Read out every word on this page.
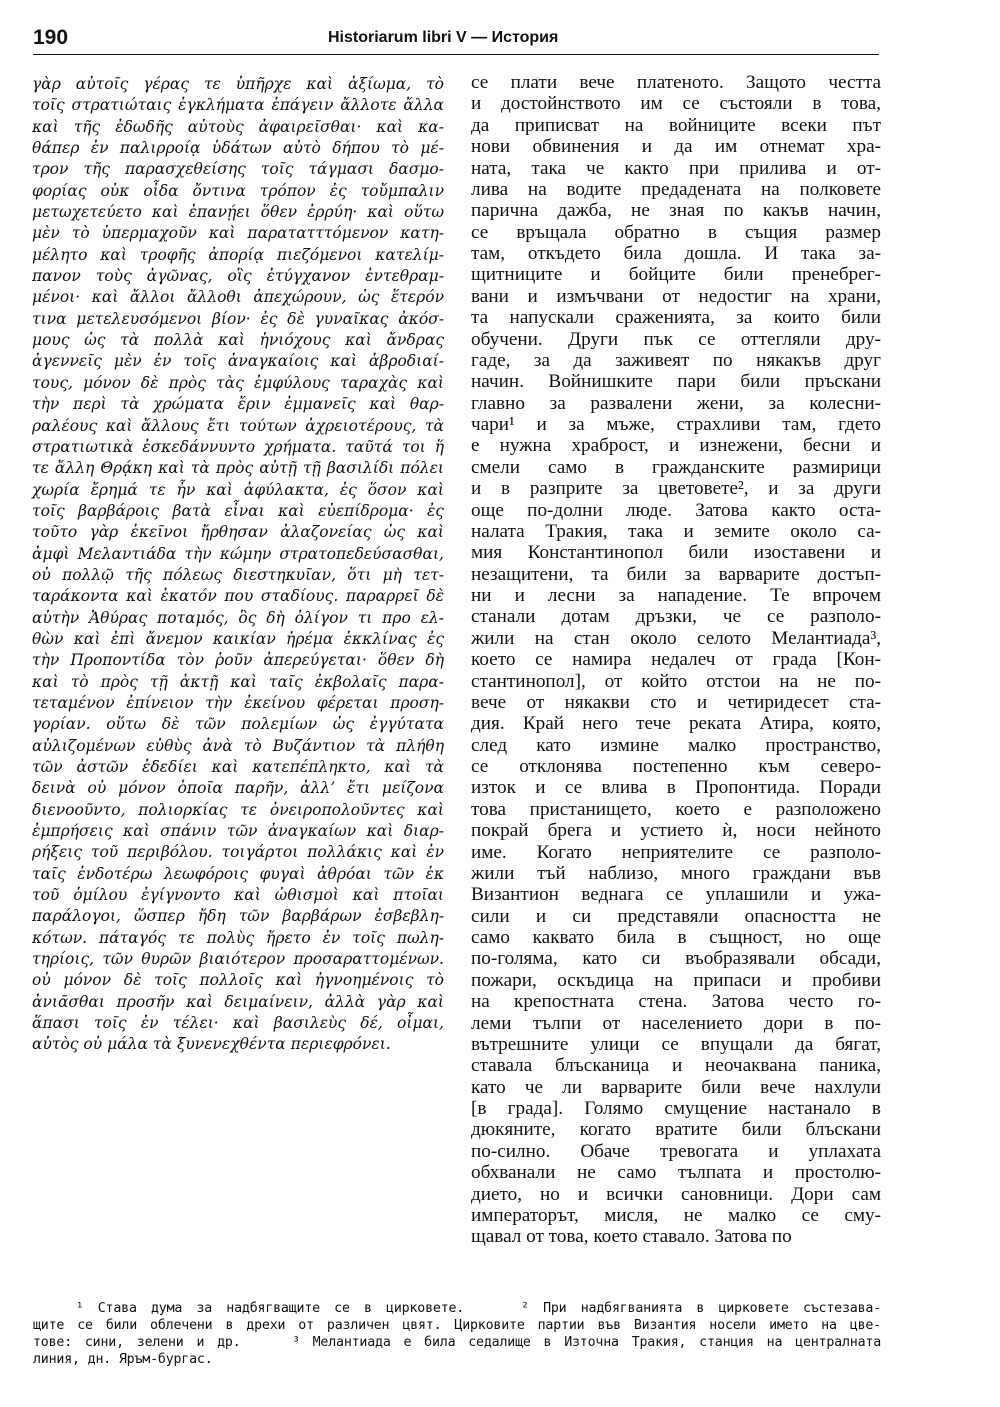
190	Historiarum libri V — История
γὰρ αὐτοῖς γέρας τε ὑπῆρχε καὶ ἀξίωμα, τὸ
τοῖς στρατιώταις ἐγκλήματα ἐπάγειν ἄλλοτε ἄλλα
καὶ τῆς ἐδωδῆς αὐτοὺς ἀφαιρεῖσθαι· καὶ κα-
θάπερ ἐν παλιρροίᾳ ὑδάτων αὐτὸ δήπου τὸ μέ-
τρον τῆς παρασχεθείσης τοῖς τάγμασι δασμο-
φορίας οὐκ οἶδα ὄντινα τρόπον ἐς τοὔμπαλιν
μετωχετεύετο καὶ ἐπανῄει ὅθεν ἐρρύη· καὶ οὕτω
μὲν τὸ ὑπερμαχοῦν καὶ παρατατττόμενον κατη-
μέλητο καὶ τροφῆς ἀπορίᾳ πιεζόμενοι κατελίμ-
πανον τοὺς ἀγῶνας, οἳς ἐτύγχανον ἐντεθραμ-
μένοι· καὶ ἄλλοι ἄλλοθι ἀπεχώρουν, ὡς ἕτερόν
τινα μετελευσόμενοι βίον· ἐς δὲ γυναῖκας ἀκόσ-
μους ὡς τὰ πολλὰ καὶ ἡνιόχους καὶ ἄνδρας
ἀγεννεῖς μὲν ἐν τοῖς ἀναγκαίοις καὶ ἁβροδιαί-
τους, μόνον δὲ πρὸς τὰς ἐμφύλους ταραχὰς καὶ
τὴν περὶ τὰ χρώματα ἔριν ἐμμανεῖς καὶ θαρ-
ραλέους καὶ ἄλλους ἔτι τούτων ἀχρειοτέρους, τὰ
στρατιωτικὰ ἐσκεδάννυντο χρήματα. ταῦτά τοι ἥ
τε ἄλλη Θρᾴκη καὶ τὰ πρὸς αὐτῇ τῇ βασιλίδι πόλει
χωρία ἔρημά τε ἦν καὶ ἀφύλακτα, ἐς ὅσον καὶ
τοῖς βαρβάροις βατὰ εἶναι καὶ εὐεπίδρομα· ἐς
τοῦτο γὰρ ἐκεῖνοι ἤρθησαν ἀλαζονείας ὡς καὶ
ἀμφὶ Μελαντιάδα τὴν κώμην στρατοπεδεύσασθαι,
οὐ πολλῷ τῆς πόλεως διεστηκυῖαν, ὅτι μὴ τετ-
ταράκοντα καὶ ἑκατόν που σταδίους. παραρρεῖ δὲ
αὐτὴν Ἀθύρας ποταμός, ὃς δὴ ὀλίγον τι προ ελ-
θὼν καὶ ἐπὶ ἄνεμον καικίαν ἠρέμα ἐκκλίνας ἐς
τὴν Προποντίδα τὸν ῥοῦν ἀπερεύγεται· ὅθεν δὴ
καὶ τὸ πρὸς τῇ ἀκτῇ καὶ ταῖς ἐκβολαῖς παρα-
τεταμένον ἐπίνειον τὴν ἐκείνου φέρεται προση-
γορίαν. οὕτω δὲ τῶν πολεμίων ὡς ἐγγύτατα
αὐλιζομένων εὐθὺς ἀνὰ τὸ Βυζάντιον τὰ πλήθη
τῶν ἀστῶν ἐδεδίει καὶ κατεπέπληκτο, καὶ τὰ
δεινὰ οὐ μόνον ὁποῖα παρῆν, ἀλλ’ ἔτι μείζονα
διενοοῦντο, πολιορκίας τε ὀνειροπολοῦντες καὶ
ἐμπρήσεις καὶ σπάνιν τῶν ἀναγκαίων καὶ διαρ-
ρήξεις τοῦ περιβόλου. τοιγάρτοι πολλάκις καὶ ἐν
ταῖς ἐνδοτέρω λεωφόροις φυγαὶ ἀθρόαι τῶν ἐκ
τοῦ ὁμίλου ἐγίγνοντο καὶ ὠθισμοὶ καὶ πτοῖαι
παράλογοι, ὥσπερ ἤδη τῶν βαρβάρων ἐσβεβλη-
κότων. πάταγός τε πολὺς ἤρετο ἐν τοῖς πωλη-
τηρίοις, τῶν θυρῶν βιαιότερον προσαραττομένων.
οὐ μόνον δὲ τοῖς πολλοῖς καὶ ἠγνοημένοις τὸ
ἀνιᾶσθαι προσῆν καὶ δειμαίνειν, ἀλλὰ γὰρ καὶ
ἅπασι τοῖς ἐν τέλει· καὶ βασιλεὺς δέ, οἶμαι,
αὐτὸς οὐ μάλα τὰ ξυνενεχθέντα περιεφρόνει.
се плати вече платеното. Защото честта
и достойнството им се състояли в това,
да приписват на войниците всеки път
нови обвинения и да им отнемат хра-
ната, така че както при прилива и от-
лива на водите предадената на полковете
парична дажба, не зная по какъв начин,
се връщала обратно в същия размер
там, откъдето била дошла. И така за-
щитниците и бойците били пренебрег-
вани и измъчвани от недостиг на храни,
та напускали сраженията, за които били
обучени. Други пък се оттегляли дру-
гаде, за да заживеят по някакъв друг
начин. Войнишките пари били пръскани
главно за развалени жени, за колесни-
чари¹ и за мъже, страхливи там, гдето
е нужна храброст, и изнежени, бесни и
смели само в гражданските размирици
и в разприте за цветовете², и за други
още по-долни люде. Затова както оста-
налата Тракия, така и земите около са-
мия Константинопол били изоставени и
незащитени, та били за варварите достъп-
ни и лесни за нападение. Те впрочем
станали дотам дръзки, че се разполо-
жили на стан около селото Мелантиада³,
което се намира недалеч от града [Кон-
стантинопол], от който отстои на не по-
вече от някакви сто и четиридесет ста-
дия. Край него тече реката Атира, която,
след като измине малко пространство,
се отклонява постепенно към северо-
изток и се влива в Пропонтида. Поради
това пристанището, което е разположено
покрай брега и устието ѝ, носи нейното
име. Когато неприятелите се разполо-
жили тъй наблизо, много граждани във
Византион веднага се уплашили и ужа-
сили и си представяли опасността не
само каквато била в същност, но още
по-голяма, като си въобразявали обсади,
пожари, оскъдица на припаси и пробиви
на крепостната стена. Затова често го-
леми тълпи от населението дори в по-
вътрешните улици се впущали да бягат,
ставала блъсканица и неочаквана паника,
като че ли варварите били вече нахлули
[в града]. Голямо смущение настанало в
дюкяните, когато вратите били блъскани
по-силно. Обаче тревогата и уплахата
обхванали не само тълпата и простолю-
дието, но и всички сановници. Дори сам
императорът, мисля, не малко се сму-
щавал от това, което ставало. Затова по
¹ Става дума за надбягващите се в цирковете.    ² При надбягванията в цирковете състезава-
щите се били облечени в дрехи от различен цвят. Цирковите партии във Византия носели името на цве-
тове: сини, зелени и др.    ³ Мелантиада е била седалище в Източна Тракия, станция на централната
линия, дн. Яръм-бургас.
